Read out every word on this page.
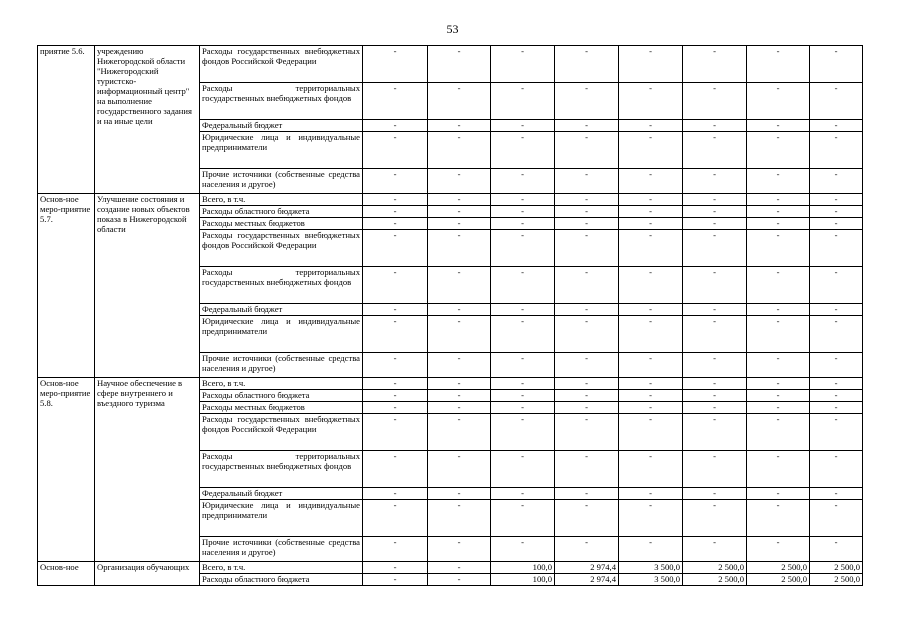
53
приятие 5.6.	учреждению Нижегородской области "Нижегородский туристско-информационный центр" на выполнение государственного задания и на иные цели	Расходы государственных внебюджетных фондов Российской Федерации	-	-	-	-	-	-	-	-
		Расходы территориальных государственных внебюджетных фондов	-	-	-	-	-	-	-	-
		Федеральный бюджет	-	-	-	-	-	-	-	-
		Юридические лица и индивидуальные предприниматели	-	-	-	-	-	-	-	-
		Прочие источники (собственные средства населения и другое)	-	-	-	-	-	-	-	-
Основ-ное меро-приятие 5.7.	Улучшение состояния и создание новых объектов показа в Нижегородской области	Всего, в т.ч.	-	-	-	-	-	-	-	-
		Расходы областного бюджета	-	-	-	-	-	-	-	-
		Расходы местных бюджетов	-	-	-	-	-	-	-	-
		Расходы государственных внебюджетных фондов Российской Федерации	-	-	-	-	-	-	-	-
		Расходы территориальных государственных внебюджетных фондов	-	-	-	-	-	-	-	-
		Федеральный бюджет	-	-	-	-	-	-	-	-
		Юридические лица и индивидуальные предприниматели	-	-	-	-	-	-	-	-
		Прочие источники (собственные средства населения и другое)	-	-	-	-	-	-	-	-
Основ-ное меро-приятие 5.8.	Научное обеспечение в сфере внутреннего и въездного туризма	Всего, в т.ч.	-	-	-	-	-	-	-	-
		Расходы областного бюджета	-	-	-	-	-	-	-	-
		Расходы местных бюджетов	-	-	-	-	-	-	-	-
		Расходы государственных внебюджетных фондов Российской Федерации	-	-	-	-	-	-	-	-
		Расходы территориальных государственных внебюджетных фондов	-	-	-	-	-	-	-	-
		Федеральный бюджет	-	-	-	-	-	-	-	-
		Юридические лица и индивидуальные предприниматели	-	-	-	-	-	-	-	-
		Прочие источники (собственные средства населения и другое)	-	-	-	-	-	-	-	-
Основ-ное	Организация обучающих	Всего, в т.ч.	-	-	100,0	2 974,4	3 500,0	2 500,0	2 500,0	2 500,0
		Расходы областного бюджета	-	-	100,0	2 974,4	3 500,0	2 500,0	2 500,0	2 500,0
